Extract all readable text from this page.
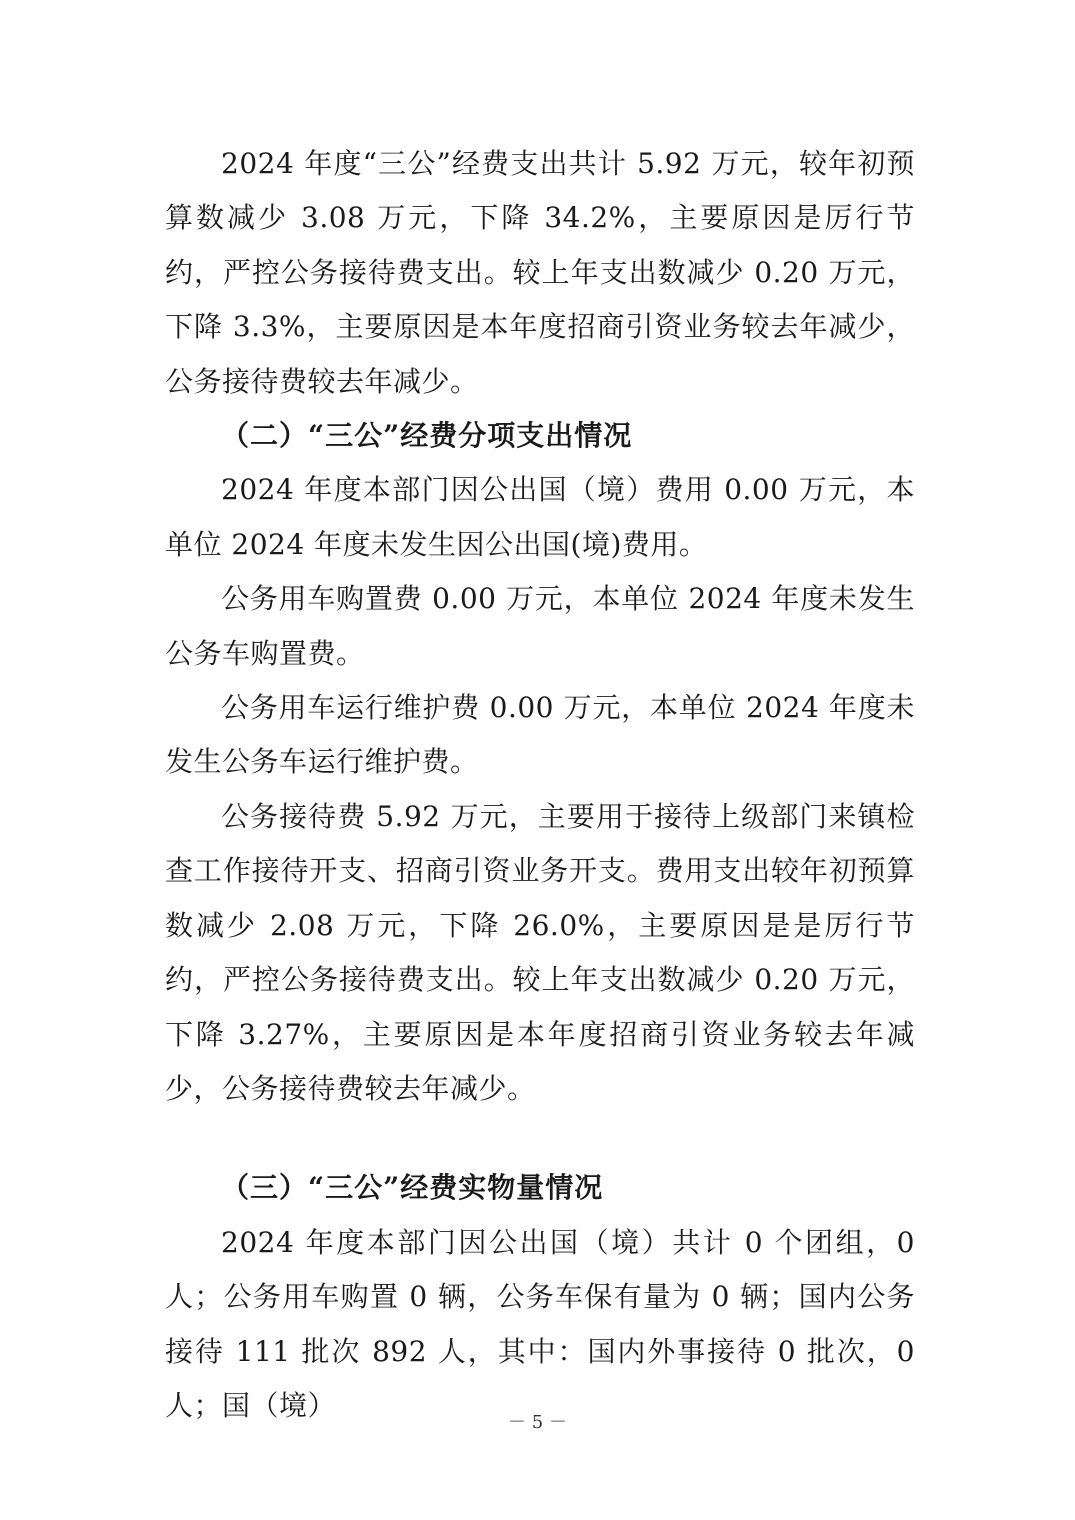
2024 年度“三公”经费支出共计 5.92 万元，较年初预算数减少 3.08 万元，下降 34.2%，主要原因是厉行节约，严控公务接待费支出。较上年支出数减少 0.20 万元，下降 3.3%，主要原因是本年度招商引资业务较去年减少，公务接待费较去年减少。

（二）“三公”经费分项支出情况

2024 年度本部门因公出国（境）费用 0.00 万元，本单位 2024 年度未发生因公出国(境)费用。

公务用车购置费 0.00 万元，本单位 2024 年度未发生公务车购置费。

公务用车运行维护费 0.00 万元，本单位 2024 年度未发生公务车运行维护费。

公务接待费 5.92 万元，主要用于接待上级部门来镇检查工作接待开支、招商引资业务开支。费用支出较年初预算数减少 2.08 万元，下降 26.0%，主要原因是是厉行节约，严控公务接待费支出。较上年支出数减少 0.20 万元，下降 3.27%，主要原因是本年度招商引资业务较去年减少，公务接待费较去年减少。

（三）“三公”经费实物量情况

2024 年度本部门因公出国（境）共计 0 个团组，0 人；公务用车购置 0 辆，公务车保有量为 0 辆；国内公务接待 111 批次 892 人，其中：国内外事接待 0 批次，0 人；国（境）

－ 5 －
